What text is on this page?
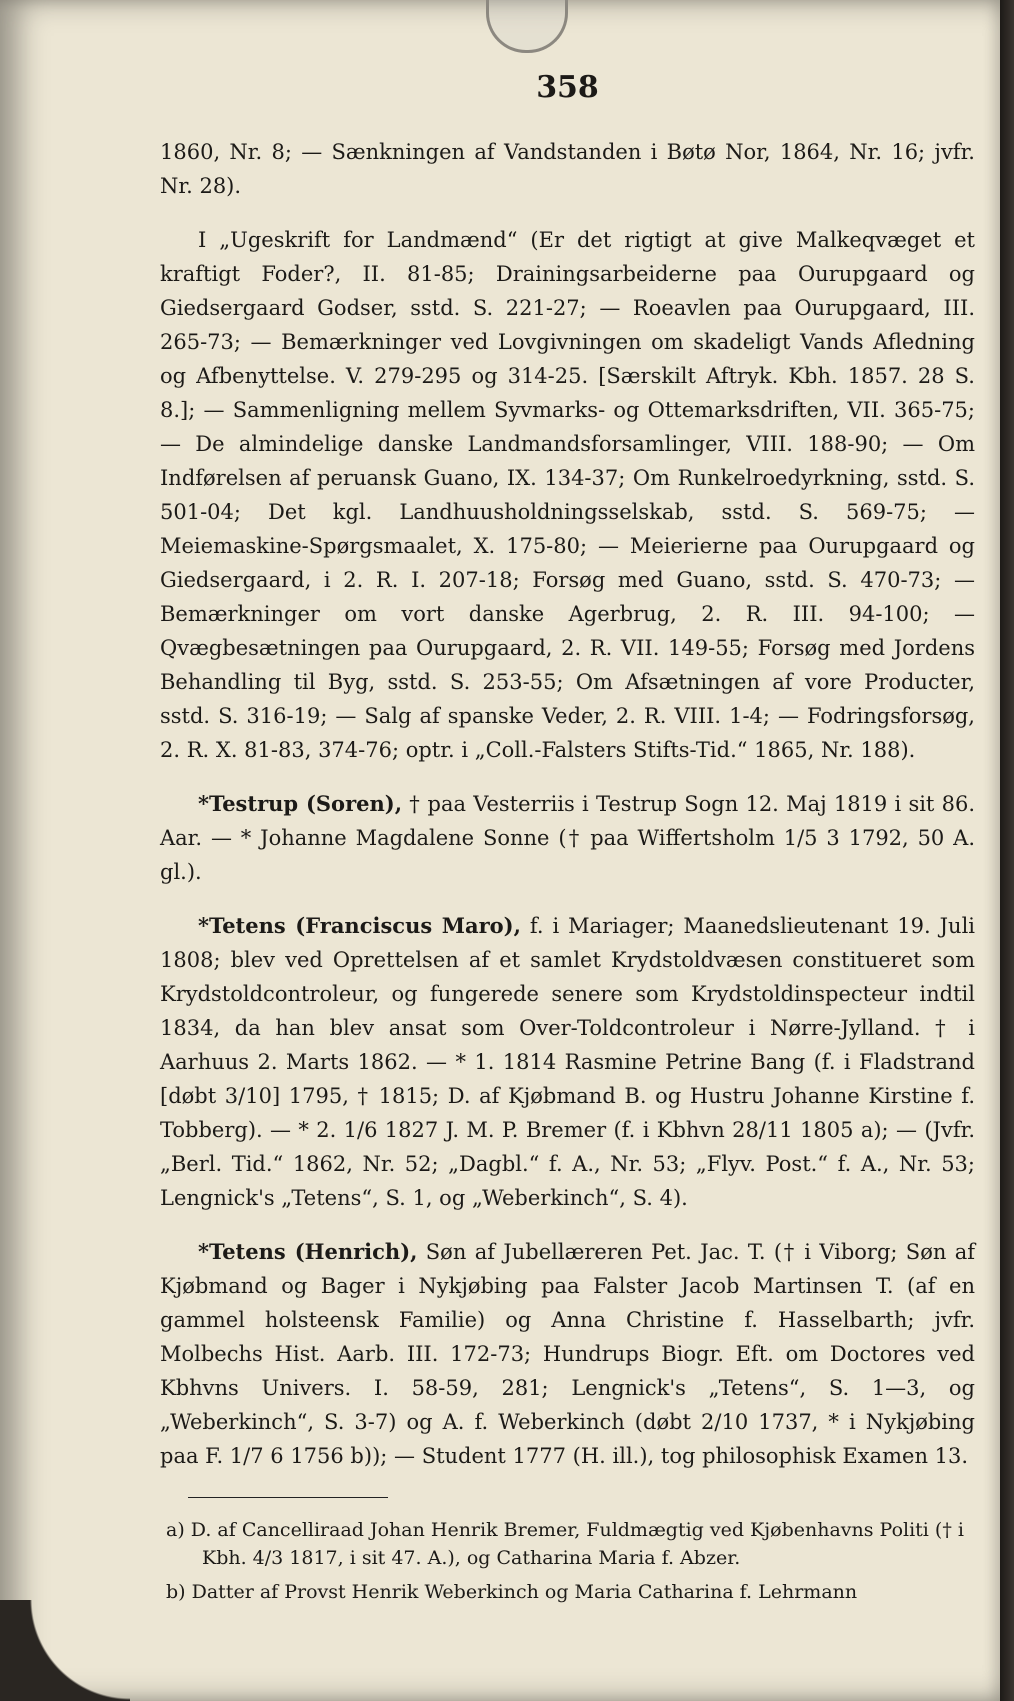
358

1860, Nr. 8; — Sænkningen af Vandstanden i Bøtø Nor, 1864, Nr. 16; jvfr. Nr. 28).

I „Ugeskrift for Landmænd“ (Er det rigtigt at give Malkeqvæget et kraftigt Foder?, II. 81-85; Drainingsarbeiderne paa Ourupgaard og Giedsergaard Godser, sstd. S. 221-27; — Roeavlen paa Ourupgaard, III. 265-73; — Bemærkninger ved Lovgivningen om skadeligt Vands Afledning og Afbenyttelse. V. 279-295 og 314-25. [Særskilt Aftryk. Kbh. 1857. 28 S. 8.]; — Sammenligning mellem Syvmarks- og Ottemarksdriften, VII. 365-75; — De almindelige danske Landmandsforsamlinger, VIII. 188-90; — Om Indførelsen af peruansk Guano, IX. 134-37; Om Runkelroedyrkning, sstd. S. 501-04; Det kgl. Landhuusholdningsselskab, sstd. S. 569-75; — Meiemaskine-Spørgsmaalet, X. 175-80; — Meierierne paa Ourupgaard og Giedsergaard, i 2. R. I. 207-18; Forsøg med Guano, sstd. S. 470-73; — Bemærkninger om vort danske Agerbrug, 2. R. III. 94-100; — Qvægbesætningen paa Ourupgaard, 2. R. VII. 149-55; Forsøg med Jordens Behandling til Byg, sstd. S. 253-55; Om Afsætningen af vore Producter, sstd. S. 316-19; — Salg af spanske Veder, 2. R. VIII. 1-4; — Fodringsforsøg, 2. R. X. 81-83, 374-76; optr. i „Coll.-Falsters Stifts-Tid.“ 1865, Nr. 188).

*Testrup (Soren), † paa Vesterriis i Testrup Sogn 12. Maj 1819 i sit 86. Aar. — * Johanne Magdalene Sonne († paa Wiffertsholm 1/5 3 1792, 50 A. gl.).

*Tetens (Franciscus Maro), f. i Mariager; Maanedslieutenant 19. Juli 1808; blev ved Oprettelsen af et samlet Krydstoldvæsen constitueret som Krydstoldcontroleur, og fungerede senere som Krydstoldinspecteur indtil 1834, da han blev ansat som Over-Toldcontroleur i Nørre-Jylland. † i Aarhuus 2. Marts 1862. — * 1. 1814 Rasmine Petrine Bang (f. i Fladstrand [døbt 3/10] 1795, † 1815; D. af Kjøbmand B. og Hustru Johanne Kirstine f. Tobberg). — * 2. 1/6 1827 J. M. P. Bremer (f. i Kbhvn 28/11 1805 a); — (Jvfr. „Berl. Tid.“ 1862, Nr. 52; „Dagbl.“ f. A., Nr. 53; „Flyv. Post.“ f. A., Nr. 53; Lengnick's „Tetens“, S. 1, og „Weberkinch“, S. 4).

*Tetens (Henrich), Søn af Jubellæreren Pet. Jac. T. († i Viborg; Søn af Kjøbmand og Bager i Nykjøbing paa Falster Jacob Martinsen T. (af en gammel holsteensk Familie) og Anna Christine f. Hasselbarth; jvfr. Molbechs Hist. Aarb. III. 172-73; Hundrups Biogr. Eft. om Doctores ved Kbhvns Univers. I. 58-59, 281; Lengnick's „Tetens“, S. 1—3, og „Weberkinch“, S. 3-7) og A. f. Weberkinch (døbt 2/10 1737, * i Nykjøbing paa F. 1/7 6 1756 b)); — Student 1777 (H. ill.), tog philosophisk Examen 13.

a) D. af Cancelliraad Johan Henrik Bremer, Fuldmægtig ved Kjøbenhavns Politi († i Kbh. 4/3 1817, i sit 47. A.), og Catharina Maria f. Abzer.

b) Datter af Provst Henrik Weberkinch og Maria Catharina f. Lehrmann
